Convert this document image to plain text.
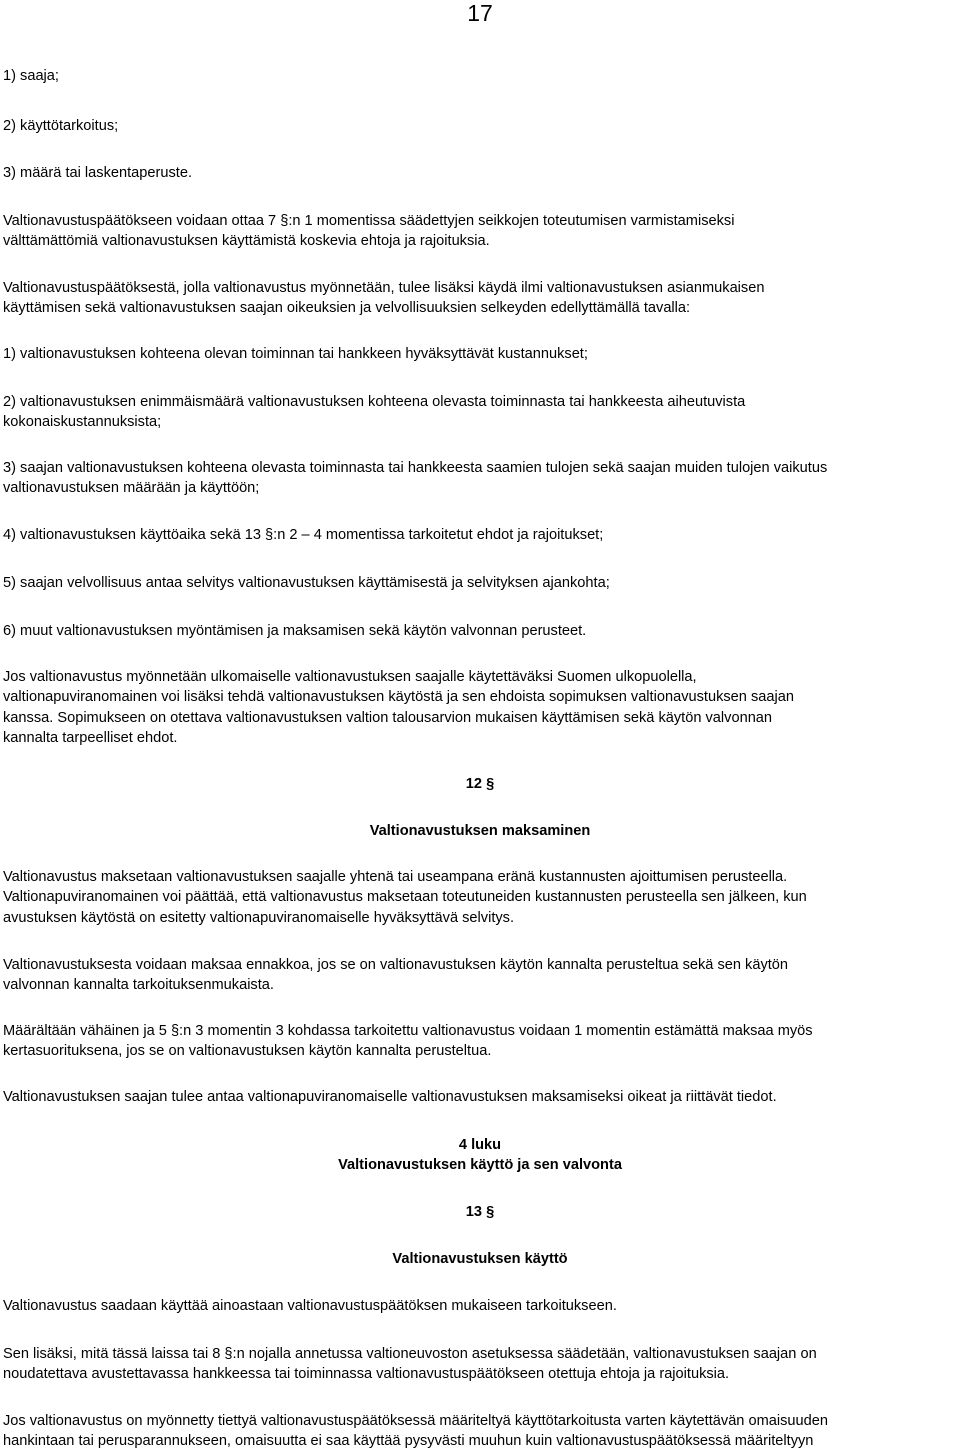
17

1) saaja;

2) käyttötarkoitus;

3) määrä tai laskentaperuste.

Valtionavustuspäätökseen voidaan ottaa 7 §:n 1 momentissa säädettyjen seikkojen toteutumisen varmistamiseksi
välttämättömiä valtionavustuksen käyttämistä koskevia ehtoja ja rajoituksia.

Valtionavustuspäätöksestä, jolla valtionavustus myönnetään, tulee lisäksi käydä ilmi valtionavustuksen asianmukaisen
käyttämisen sekä valtionavustuksen saajan oikeuksien ja velvollisuuksien selkeyden edellyttämällä tavalla:

1) valtionavustuksen kohteena olevan toiminnan tai hankkeen hyväksyttävät kustannukset;

2) valtionavustuksen enimmäismäärä valtionavustuksen kohteena olevasta toiminnasta tai hankkeesta aiheutuvista
kokonaiskustannuksista;

3) saajan valtionavustuksen kohteena olevasta toiminnasta tai hankkeesta saamien tulojen sekä saajan muiden tulojen vaikutus
valtionavustuksen määrään ja käyttöön;

4) valtionavustuksen käyttöaika sekä 13 §:n 2 – 4 momentissa tarkoitetut ehdot ja rajoitukset;

5) saajan velvollisuus antaa selvitys valtionavustuksen käyttämisestä ja selvityksen ajankohta;

6) muut valtionavustuksen myöntämisen ja maksamisen sekä käytön valvonnan perusteet.

Jos valtionavustus myönnetään ulkomaiselle valtionavustuksen saajalle käytettäväksi Suomen ulkopuolella,
valtionapuviranomainen voi lisäksi tehdä valtionavustuksen käytöstä ja sen ehdoista sopimuksen valtionavustuksen saajan
kanssa. Sopimukseen on otettava valtionavustuksen valtion talousarvion mukaisen käyttämisen sekä käytön valvonnan
kannalta tarpeelliset ehdot.

12 §
Valtionavustuksen maksaminen

Valtionavustus maksetaan valtionavustuksen saajalle yhtenä tai useampana eränä kustannusten ajoittumisen perusteella.
Valtionapuviranomainen voi päättää, että valtionavustus maksetaan toteutuneiden kustannusten perusteella sen jälkeen, kun
avustuksen käytöstä on esitetty valtionapuviranomaiselle hyväksyttävä selvitys.

Valtionavustuksesta voidaan maksaa ennakkoa, jos se on valtionavustuksen käytön kannalta perusteltua sekä sen käytön
valvonnan kannalta tarkoituksenmukaista.

Määrältään vähäinen ja 5 §:n 3 momentin 3 kohdassa tarkoitettu valtionavustus voidaan 1 momentin estämättä maksaa myös
kertasuorituksena, jos se on valtionavustuksen käytön kannalta perusteltua.

Valtionavustuksen saajan tulee antaa valtionapuviranomaiselle valtionavustuksen maksamiseksi oikeat ja riittävät tiedot.

4 luku
Valtionavustuksen käyttö ja sen valvonta
13 §
Valtionavustuksen käyttö

Valtionavustus saadaan käyttää ainoastaan valtionavustuspäätöksen mukaiseen tarkoitukseen.

Sen lisäksi, mitä tässä laissa tai 8 §:n nojalla annetussa valtioneuvoston asetuksessa säädetään, valtionavustuksen saajan on
noudatettava avustettavassa hankkeessa tai toiminnassa valtionavustuspäätökseen otettuja ehtoja ja rajoituksia.

Jos valtionavustus on myönnetty tiettyä valtionavustuspäätöksessä määriteltyä käyttötarkoitusta varten käytettävän omaisuuden
hankintaan tai perusparannukseen, omaisuutta ei saa käyttää pysyvästi muuhun kuin valtionavustuspäätöksessä määriteltyyn
